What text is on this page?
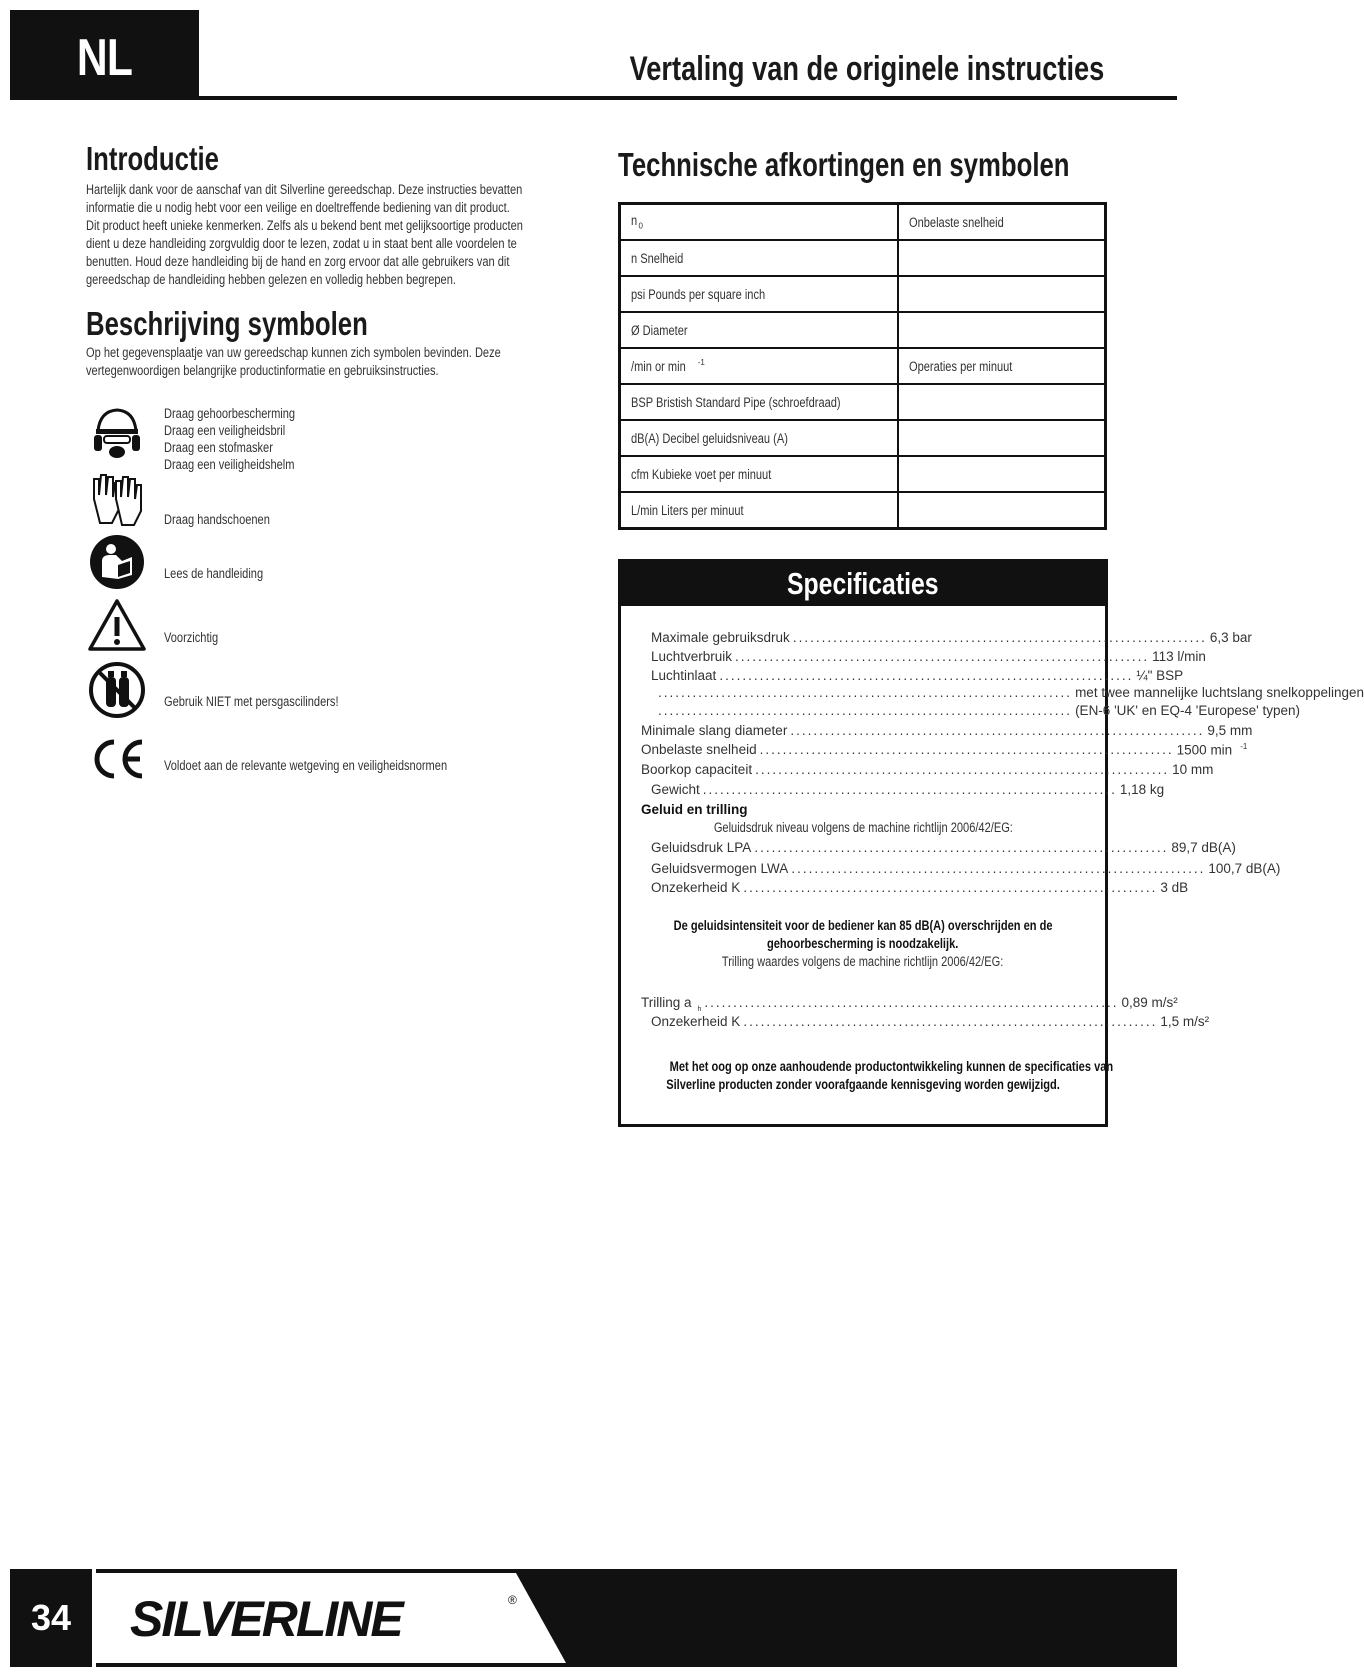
NL	Vertaling van de originele instructies
Introductie
Hartelijk dank voor de aanschaf van dit Silverline gereedschap. Deze instructies bevatten
informatie die u nodig hebt voor een veilige en doeltreffende bediening van dit product.
Dit product heeft unieke kenmerken. Zelfs als u bekend bent met gelijksoortige producten
dient u deze handleiding zorgvuldig door te lezen, zodat u in staat bent alle voordelen te
benutten. Houd deze handleiding bij de hand en zorg ervoor dat alle gebruikers van dit
gereedschap de handleiding hebben gelezen en volledig hebben begrepen.
Beschrijving symbolen
Op het gegevensplaatje van uw gereedschap kunnen zich symbolen bevinden. Deze
vertegenwoordigen belangrijke productinformatie en gebruiksinstructies.
Draag gehoorbescherming
Draag een veiligheidsbril
Draag een stofmasker
Draag een veiligheidshelm
Draag handschoenen
Lees de handleiding
Voorzichtig
Gebruik NIET met persgascilinders!
Voldoet aan de relevante wetgeving en veiligheidsnormen
Technische afkortingen en symbolen
$n_0$	Onbelaste snelheid
n Snelheid	
psi Pounds per square inch	
Ø Diameter	
/min or min $^{-1}$	Operaties per minuut
BSP Bristish Standard Pipe (schroefdraad)	
dB(A) Decibel geluidsniveau (A)	
cfm Kubieke voet per minuut	
L/min Liters per minuut	
Specificaties
Maximale gebruiksdruk ........................................................................ 6,3 bar
Luchtverbruik ........................................................................ 113 l/min
Luchtinlaat ........................................................................ ¼" BSP
........................................................................ met twee mannelijke luchtslang snelkoppelingen
........................................................................ (EN-6 'UK' en EQ-4 'Europese' typen)
Minimale slang diameter ........................................................................ 9,5 mm
Onbelaste snelheid ........................................................................ 1500 min $^{-1}$
Boorkop capaciteit ........................................................................ 10 mm
Gewicht ........................................................................ 1,18 kg
Geluid en trilling
Geluidsdruk niveau volgens de machine richtlijn 2006/42/EG:
Geluidsdruk LPA ........................................................................ 89,7 dB(A)
Geluidsvermogen LWA ........................................................................ 100,7 dB(A)
Onzekerheid K ........................................................................ 3 dB
De geluidsintensiteit voor de bediener kan 85 dB(A) overschrijden en de
gehoorbescherming is noodzakelijk.
Trilling waardes volgens de machine richtlijn 2006/42/EG:
Trilling a $_h$ ........................................................................ 0,89 m/s²
Onzekerheid K ........................................................................ 1,5 m/s²
Met het oog op onze aanhoudende productontwikkeling kunnen de specificaties van
Silverline producten zonder voorafgaande kennisgeving worden gewijzigd.
34	SILVERLINE	®
